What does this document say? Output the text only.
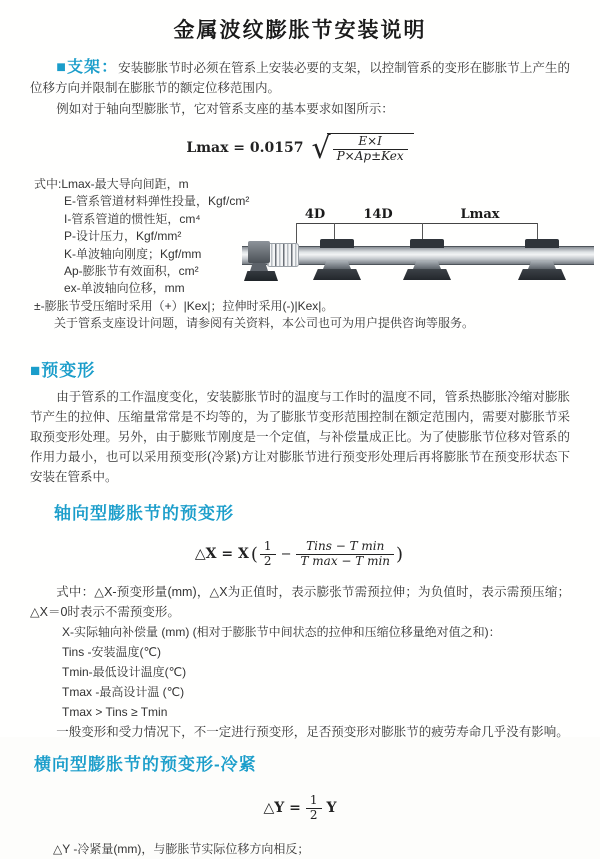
金属波纹膨胀节安装说明

■支架：安装膨胀节时必须在管系上安装必要的支架，以控制管系的变形在膨胀节上产生的位移方向并限制在膨胀节的额定位移范围内。

例如对于轴向型膨胀节，它对管系支座的基本要求如图所示：

Lmax = 0.0157 √ $\frac{E\times I}{\text{P×Ap±Kex}}$

式中:Lmax-最大导向间距，m

E-管系管道材料弹性投量，Kgf/cm²

I-管系管道的惯性矩，cm⁴

P-设计压力，Kgf/mm²

K-单波轴向刚度；Kgf/mm

Ap-膨胀节有效面积，cm²

ex-单波轴向位移，mm

±-膨胀节受压缩时采用（+）|Kex|；拉伸时采用(-)|Kex|。

关于管系支座设计问题，请参阅有关资料，本公司也可为用户提供咨询等服务。

4D	14D	Lmax
■预变形

由于管系的工作温度变化，安装膨胀节时的温度与工作时的温度不同，管系热膨胀冷缩对膨胀节产生的拉伸、压缩量常常是不均等的，为了膨胀节变形范围控制在额定范围内，需要对膨胀节采取预变形处理。另外，由于膨账节刚度是一个定值，与补偿量成正比。为了使膨胀节位移对管系的作用力最小，也可以采用预变形(冷紧)方让对膨胀节进行预变形处理后再将膨胀节在预变形状态下安装在管系中。

轴向型膨胀节的预变形
△X = X ( $\frac{1}{2} - \frac{\text{Tins − T min}}{\text{T max − T min}}$ )

式中：△X-预变形量(mm)，△X为正值时，表示膨张节需预拉伸；为负值时，表示需预压缩；△X＝0时表示不需预变形。

X-实际轴向补偿量 (mm) (相对于膨胀节中间状态的拉伸和压缩位移量绝对值之和)：

Tins -安装温度(℃)

Tmin-最低设计温度(℃)

Tmax -最高设计温 (℃)

Tmax > Tins ≥ Tmin

一般变形和受力情况下，不一定进行预变形，足否预变形对膨胀节的疲劳寿命几乎没有影响。

横向型膨胀节的预变形-冷紧
△Y = $\frac{1}{2}$ Y

△Y -冷紧量(mm)，与膨胀节实际位移方向相反；
